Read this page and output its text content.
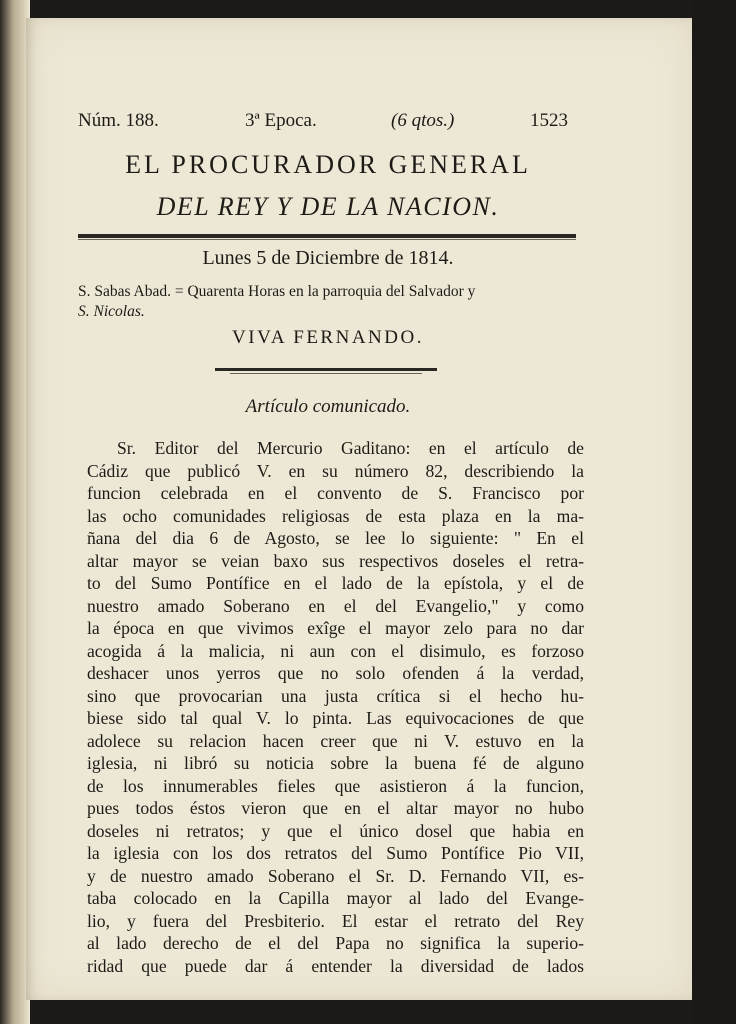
Núm. 188.	3ª Epoca.	(6 qtos.)	1523
EL PROCURADOR GENERAL
DEL REY Y DE LA NACION.
Lunes 5 de Diciembre de 1814.
S. Sabas Abad. = Quarenta Horas en la parroquia del Salvador y
S. Nicolas.
VIVA FERNANDO.
Artículo comunicado.
Sr. Editor del Mercurio Gaditano: en el artículo de
Cádiz que publicó V. en su número 82, describiendo la
funcion celebrada en el convento de S. Francisco por
las ocho comunidades religiosas de esta plaza en la ma-
ñana del dia 6 de Agosto, se lee lo siguiente: " En el
altar mayor se veian baxo sus respectivos doseles el retra-
to del Sumo Pontífice en el lado de la epístola, y el de
nuestro amado Soberano en el del Evangelio," y como
la época en que vivimos exîge el mayor zelo para no dar
acogida á la malicia, ni aun con el disimulo, es forzoso
deshacer unos yerros que no solo ofenden á la verdad,
sino que provocarian una justa crítica si el hecho hu-
biese sido tal qual V. lo pinta. Las equivocaciones de que
adolece su relacion hacen creer que ni V. estuvo en la
iglesia, ni libró su noticia sobre la buena fé de alguno
de los innumerables fieles que asistieron á la funcion,
pues todos éstos vieron que en el altar mayor no hubo
doseles ni retratos; y que el único dosel que habia en
la iglesia con los dos retratos del Sumo Pontífice Pio VII,
y de nuestro amado Soberano el Sr. D. Fernando VII, es-
taba colocado en la Capilla mayor al lado del Evange-
lio, y fuera del Presbiterio. El estar el retrato del Rey
al lado derecho de el del Papa no significa la superio-
ridad que puede dar á entender la diversidad de lados
